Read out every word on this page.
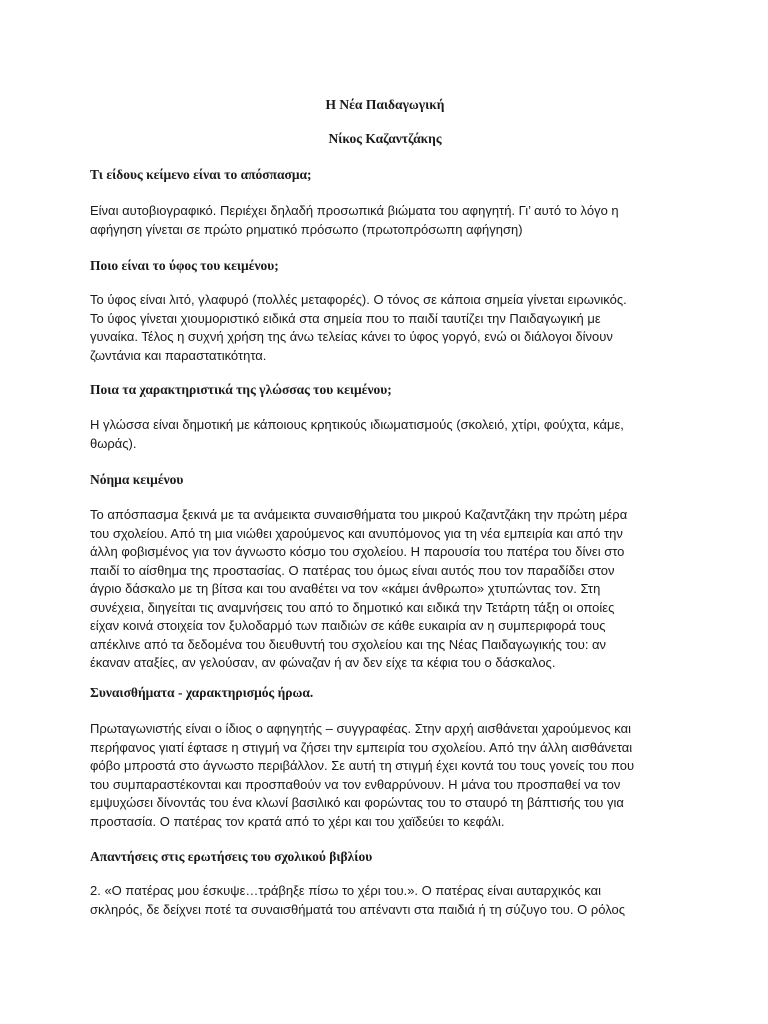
Η Νέα Παιδαγωγική
Νίκος Καζαντζάκης
Τι είδους κείμενο είναι το απόσπασμα;
Είναι αυτοβιογραφικό. Περιέχει δηλαδή προσωπικά βιώματα του αφηγητή. Γι’ αυτό το λόγο η
αφήγηση γίνεται σε πρώτο ρηματικό πρόσωπο (πρωτοπρόσωπη αφήγηση)
Ποιο είναι το ύφος του κειμένου;
Το ύφος είναι λιτό, γλαφυρό (πολλές μεταφορές). Ο τόνος σε κάποια σημεία γίνεται ειρωνικός.
Το ύφος γίνεται χιουμοριστικό ειδικά στα σημεία που το παιδί ταυτίζει την Παιδαγωγική με
γυναίκα. Τέλος η συχνή χρήση της άνω τελείας κάνει το ύφος γοργό, ενώ οι διάλογοι δίνουν
ζωντάνια και παραστατικότητα.
Ποια τα χαρακτηριστικά της γλώσσας του κειμένου;
Η γλώσσα είναι δημοτική με κάποιους κρητικούς ιδιωματισμούς (σκολειό, χτίρι, φούχτα, κάμε,
θωράς).
Νόημα κειμένου
Το απόσπασμα ξεκινά με τα ανάμεικτα συναισθήματα του μικρού Καζαντζάκη την πρώτη μέρα
του σχολείου. Από τη μια νιώθει χαρούμενος και ανυπόμονος για τη νέα εμπειρία και από την
άλλη φοβισμένος για τον άγνωστο κόσμο του σχολείου. Η παρουσία του πατέρα του δίνει στο
παιδί το αίσθημα της προστασίας. Ο πατέρας του όμως είναι αυτός που τον παραδίδει στον
άγριο δάσκαλο με τη βίτσα και του αναθέτει να τον «κάμει άνθρωπο» χτυπώντας τον. Στη
συνέχεια, διηγείται τις αναμνήσεις του από το δημοτικό και ειδικά την Τετάρτη τάξη οι οποίες
είχαν κοινά στοιχεία τον ξυλοδαρμό των παιδιών σε κάθε ευκαιρία αν η συμπεριφορά τους
απέκλινε από τα δεδομένα του διευθυντή του σχολείου και της Νέας Παιδαγωγικής του: αν
έκαναν αταξίες, αν γελούσαν, αν φώναζαν ή αν δεν είχε τα κέφια του ο δάσκαλος.
Συναισθήματα - χαρακτηρισμός ήρωα.
Πρωταγωνιστής είναι ο ίδιος ο αφηγητής – συγγραφέας. Στην αρχή αισθάνεται χαρούμενος και
περήφανος γιατί έφτασε η στιγμή να ζήσει την εμπειρία του σχολείου. Από την άλλη αισθάνεται
φόβο μπροστά στο άγνωστο περιβάλλον. Σε αυτή τη στιγμή έχει κοντά του τους γονείς του που
του συμπαραστέκονται και προσπαθούν να τον ενθαρρύνουν. Η μάνα του προσπαθεί να τον
εμψυχώσει δίνοντάς του ένα κλωνί βασιλικό και φορώντας του το σταυρό τη βάπτισής του για
προστασία. Ο πατέρας τον κρατά από το χέρι και του χαϊδεύει το κεφάλι.
Απαντήσεις στις ερωτήσεις του σχολικού βιβλίου
2. «Ο πατέρας μου έσκυψε…τράβηξε πίσω το χέρι του.». Ο πατέρας είναι αυταρχικός και
σκληρός, δε δείχνει ποτέ τα συναισθήματά του απέναντι στα παιδιά ή τη σύζυγο του. Ο ρόλος
